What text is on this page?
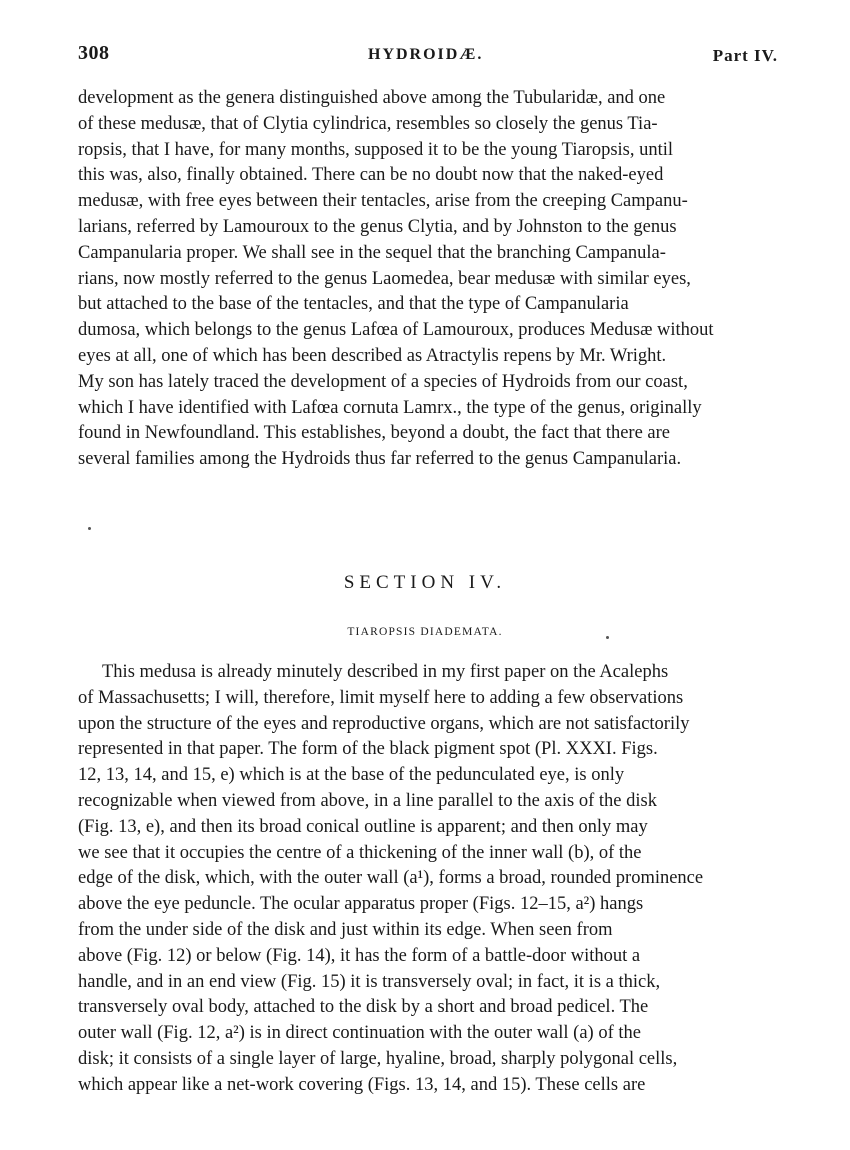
308	HYDROIDÆ.	Part IV.
development as the genera distinguished above among the Tubularidæ, and one
of these medusæ, that of Clytia cylindrica, resembles so closely the genus Tia-
ropsis, that I have, for many months, supposed it to be the young Tiaropsis, until
this was, also, finally obtained. There can be no doubt now that the naked-eyed
medusæ, with free eyes between their tentacles, arise from the creeping Campanu-
larians, referred by Lamouroux to the genus Clytia, and by Johnston to the genus
Campanularia proper. We shall see in the sequel that the branching Campanula-
rians, now mostly referred to the genus Laomedea, bear medusæ with similar eyes,
but attached to the base of the tentacles, and that the type of Campanularia
dumosa, which belongs to the genus Lafœa of Lamouroux, produces Medusæ without
eyes at all, one of which has been described as Atractylis repens by Mr. Wright.
My son has lately traced the development of a species of Hydroids from our coast,
which I have identified with Lafœa cornuta Lamrx., the type of the genus, originally
found in Newfoundland. This establishes, beyond a doubt, the fact that there are
several families among the Hydroids thus far referred to the genus Campanularia.
SECTION IV.
TIAROPSIS DIADEMATA.
This medusa is already minutely described in my first paper on the Acalephs
of Massachusetts; I will, therefore, limit myself here to adding a few observations
upon the structure of the eyes and reproductive organs, which are not satisfactorily
represented in that paper. The form of the black pigment spot (Pl. XXXI. Figs.
12, 13, 14, and 15, e) which is at the base of the pedunculated eye, is only
recognizable when viewed from above, in a line parallel to the axis of the disk
(Fig. 13, e), and then its broad conical outline is apparent; and then only may
we see that it occupies the centre of a thickening of the inner wall (b), of the
edge of the disk, which, with the outer wall (a¹), forms a broad, rounded prominence
above the eye peduncle. The ocular apparatus proper (Figs. 12–15, a²) hangs
from the under side of the disk and just within its edge. When seen from
above (Fig. 12) or below (Fig. 14), it has the form of a battle-door without a
handle, and in an end view (Fig. 15) it is transversely oval; in fact, it is a thick,
transversely oval body, attached to the disk by a short and broad pedicel. The
outer wall (Fig. 12, a²) is in direct continuation with the outer wall (a) of the
disk; it consists of a single layer of large, hyaline, broad, sharply polygonal cells,
which appear like a net-work covering (Figs. 13, 14, and 15). These cells are
